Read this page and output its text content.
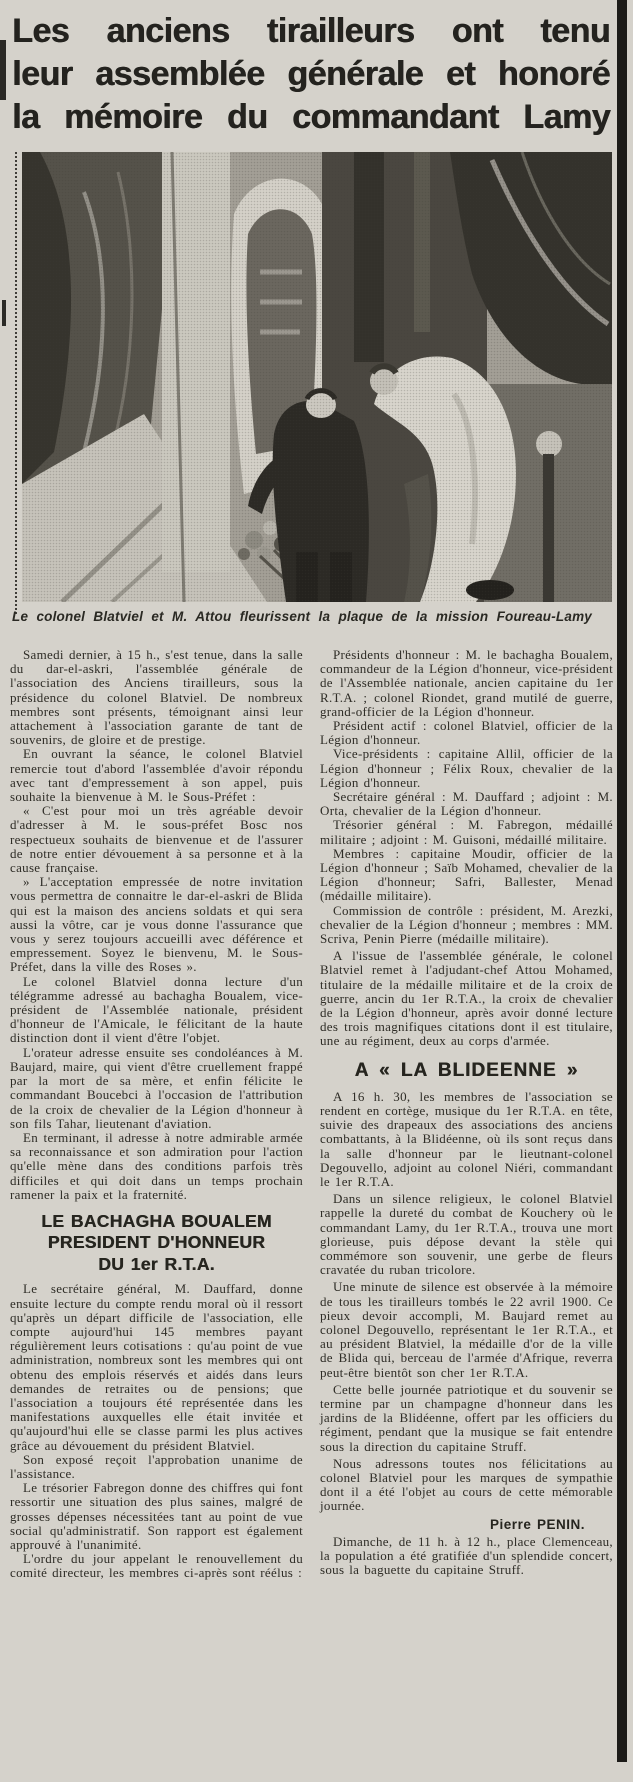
Les anciens tirailleurs ont tenu
leur assemblée générale et honoré
la mémoire du commandant Lamy
Le colonel Blatviel et M. Attou fleurissent la plaque de la mission Foureau-Lamy

Samedi dernier, à 15 h., s'est tenue, dans la salle du dar-el-askri, l'assemblée générale de l'association des Anciens tirailleurs, sous la présidence du colonel Blatviel. De nombreux membres sont présents, témoignant ainsi leur attachement à l'association garante de tant de souvenirs, de gloire et de prestige.

En ouvrant la séance, le colonel Blatviel remercie tout d'abord l'assemblée d'avoir répondu avec tant d'empressement à son appel, puis souhaite la bienvenue à M. le Sous-Préfet :

« C'est pour moi un très agréable devoir d'adresser à M. le sous-préfet Bosc nos respectueux souhaits de bienvenue et de l'assurer de notre entier dévouement à sa personne et à la cause française.

» L'acceptation empressée de notre invitation vous permettra de connaitre le dar-el-askri de Blida qui est la maison des anciens soldats et qui sera aussi la vôtre, car je vous donne l'assurance que vous y serez toujours accueilli avec déférence et empressement. Soyez le bienvenu, M. le Sous-Préfet, dans la ville des Roses ».

Le colonel Blatviel donna lecture d'un télégramme adressé au bachagha Boualem, vice-président de l'Assemblée nationale, président d'honneur de l'Amicale, le félicitant de la haute distinction dont il vient d'être l'objet.

L'orateur adresse ensuite ses condoléances à M. Baujard, maire, qui vient d'être cruellement frappé par la mort de sa mère, et enfin félicite le commandant Boucebci à l'occasion de l'attribution de la croix de chevalier de la Légion d'honneur à son fils Tahar, lieutenant d'aviation.

En terminant, il adresse à notre admirable armée sa reconnaissance et son admiration pour l'action qu'elle mène dans des conditions parfois très difficiles et qui doit dans un temps prochain ramener la paix et la fraternité.

LE BACHAGHA BOUALEM
PRESIDENT D'HONNEUR
DU 1er R.T.A.

Le secrétaire général, M. Dauffard, donne ensuite lecture du compte rendu moral où il ressort qu'après un départ difficile de l'association, elle compte aujourd'hui 145 membres payant régulièrement leurs cotisations : qu'au point de vue administration, nombreux sont les membres qui ont obtenu des emplois réservés et aidés dans leurs demandes de retraites ou de pensions; que l'association a toujours été représentée dans les manifestations auxquelles elle était invitée et qu'aujourd'hui elle se classe parmi les plus actives grâce au dévouement du président Blatviel.

Son exposé reçoit l'approbation unanime de l'assistance.

Le trésorier Fabregon donne des chiffres qui font ressortir une situation des plus saines, malgré de grosses dépenses nécessitées tant au point de vue social qu'administratif. Son rapport est également approuvé à l'unanimité.

L'ordre du jour appelant le renouvellement du comité directeur, les membres ci-après sont réélus :

Présidents d'honneur : M. le bachagha Boualem, commandeur de la Légion d'honneur, vice-président de l'Assemblée nationale, ancien capitaine du 1er R.T.A. ; colonel Riondet, grand mutilé de guerre, grand-officier de la Légion d'honneur.

Président actif : colonel Blatviel, officier de la Légion d'honneur.

Vice-présidents : capitaine Allil, officier de la Légion d'honneur ; Félix Roux, chevalier de la Légion d'honneur.

Secrétaire général : M. Dauffard ; adjoint : M. Orta, chevalier de la Légion d'honneur.

Trésorier général : M. Fabregon, médaillé militaire ; adjoint : M. Guisoni, médaillé militaire.

Membres : capitaine Moudir, officier de la Légion d'honneur ; Saïb Mohamed, chevalier de la Légion d'honneur; Safri, Ballester, Menad (médaille militaire).

Commission de contrôle : président, M. Arezki, chevalier de la Légion d'honneur ; membres : MM. Scriva, Penin Pierre (médaille militaire).

A l'issue de l'assemblée générale, le colonel Blatviel remet à l'adjudant-chef Attou Mohamed, titulaire de la médaille militaire et de la croix de guerre, ancin du 1er R.T.A., la croix de chevalier de la Légion d'honneur, après avoir donné lecture des trois magnifiques citations dont il est titulaire, une au régiment, deux au corps d'armée.

A « LA BLIDEENNE »

A 16 h. 30, les membres de l'association se rendent en cortège, musique du 1er R.T.A. en tête, suivie des drapeaux des associations des anciens combattants, à la Blidéenne, où ils sont reçus dans la salle d'honneur par le lieutnant-colonel Degouvello, adjoint au colonel Niéri, commandant le 1er R.T.A.

Dans un silence religieux, le colonel Blatviel rappelle la dureté du combat de Kouchery où le commandant Lamy, du 1er R.T.A., trouva une mort glorieuse, puis dépose devant la stèle qui commémore son souvenir, une gerbe de fleurs cravatée du ruban tricolore.

Une minute de silence est observée à la mémoire de tous les tirailleurs tombés le 22 avril 1900. Ce pieux devoir accompli, M. Baujard remet au colonel Degouvello, représentant le 1er R.T.A., et au président Blatviel, la médaille d'or de la ville de Blida qui, berceau de l'armée d'Afrique, reverra peut-être bientôt son cher 1er R.T.A.

Cette belle journée patriotique et du souvenir se termine par un champagne d'honneur dans les jardins de la Blidéenne, offert par les officiers du régiment, pendant que la musique se fait entendre sous la direction du capitaine Struff.

Nous adressons toutes nos félicitations au colonel Blatviel pour les marques de sympathie dont il a été l'objet au cours de cette mémorable journée.

Pierre PENIN.

Dimanche, de 11 h. à 12 h., place Clemenceau, la population a été gratifiée d'un splendide concert, sous la baguette du capitaine Struff.
